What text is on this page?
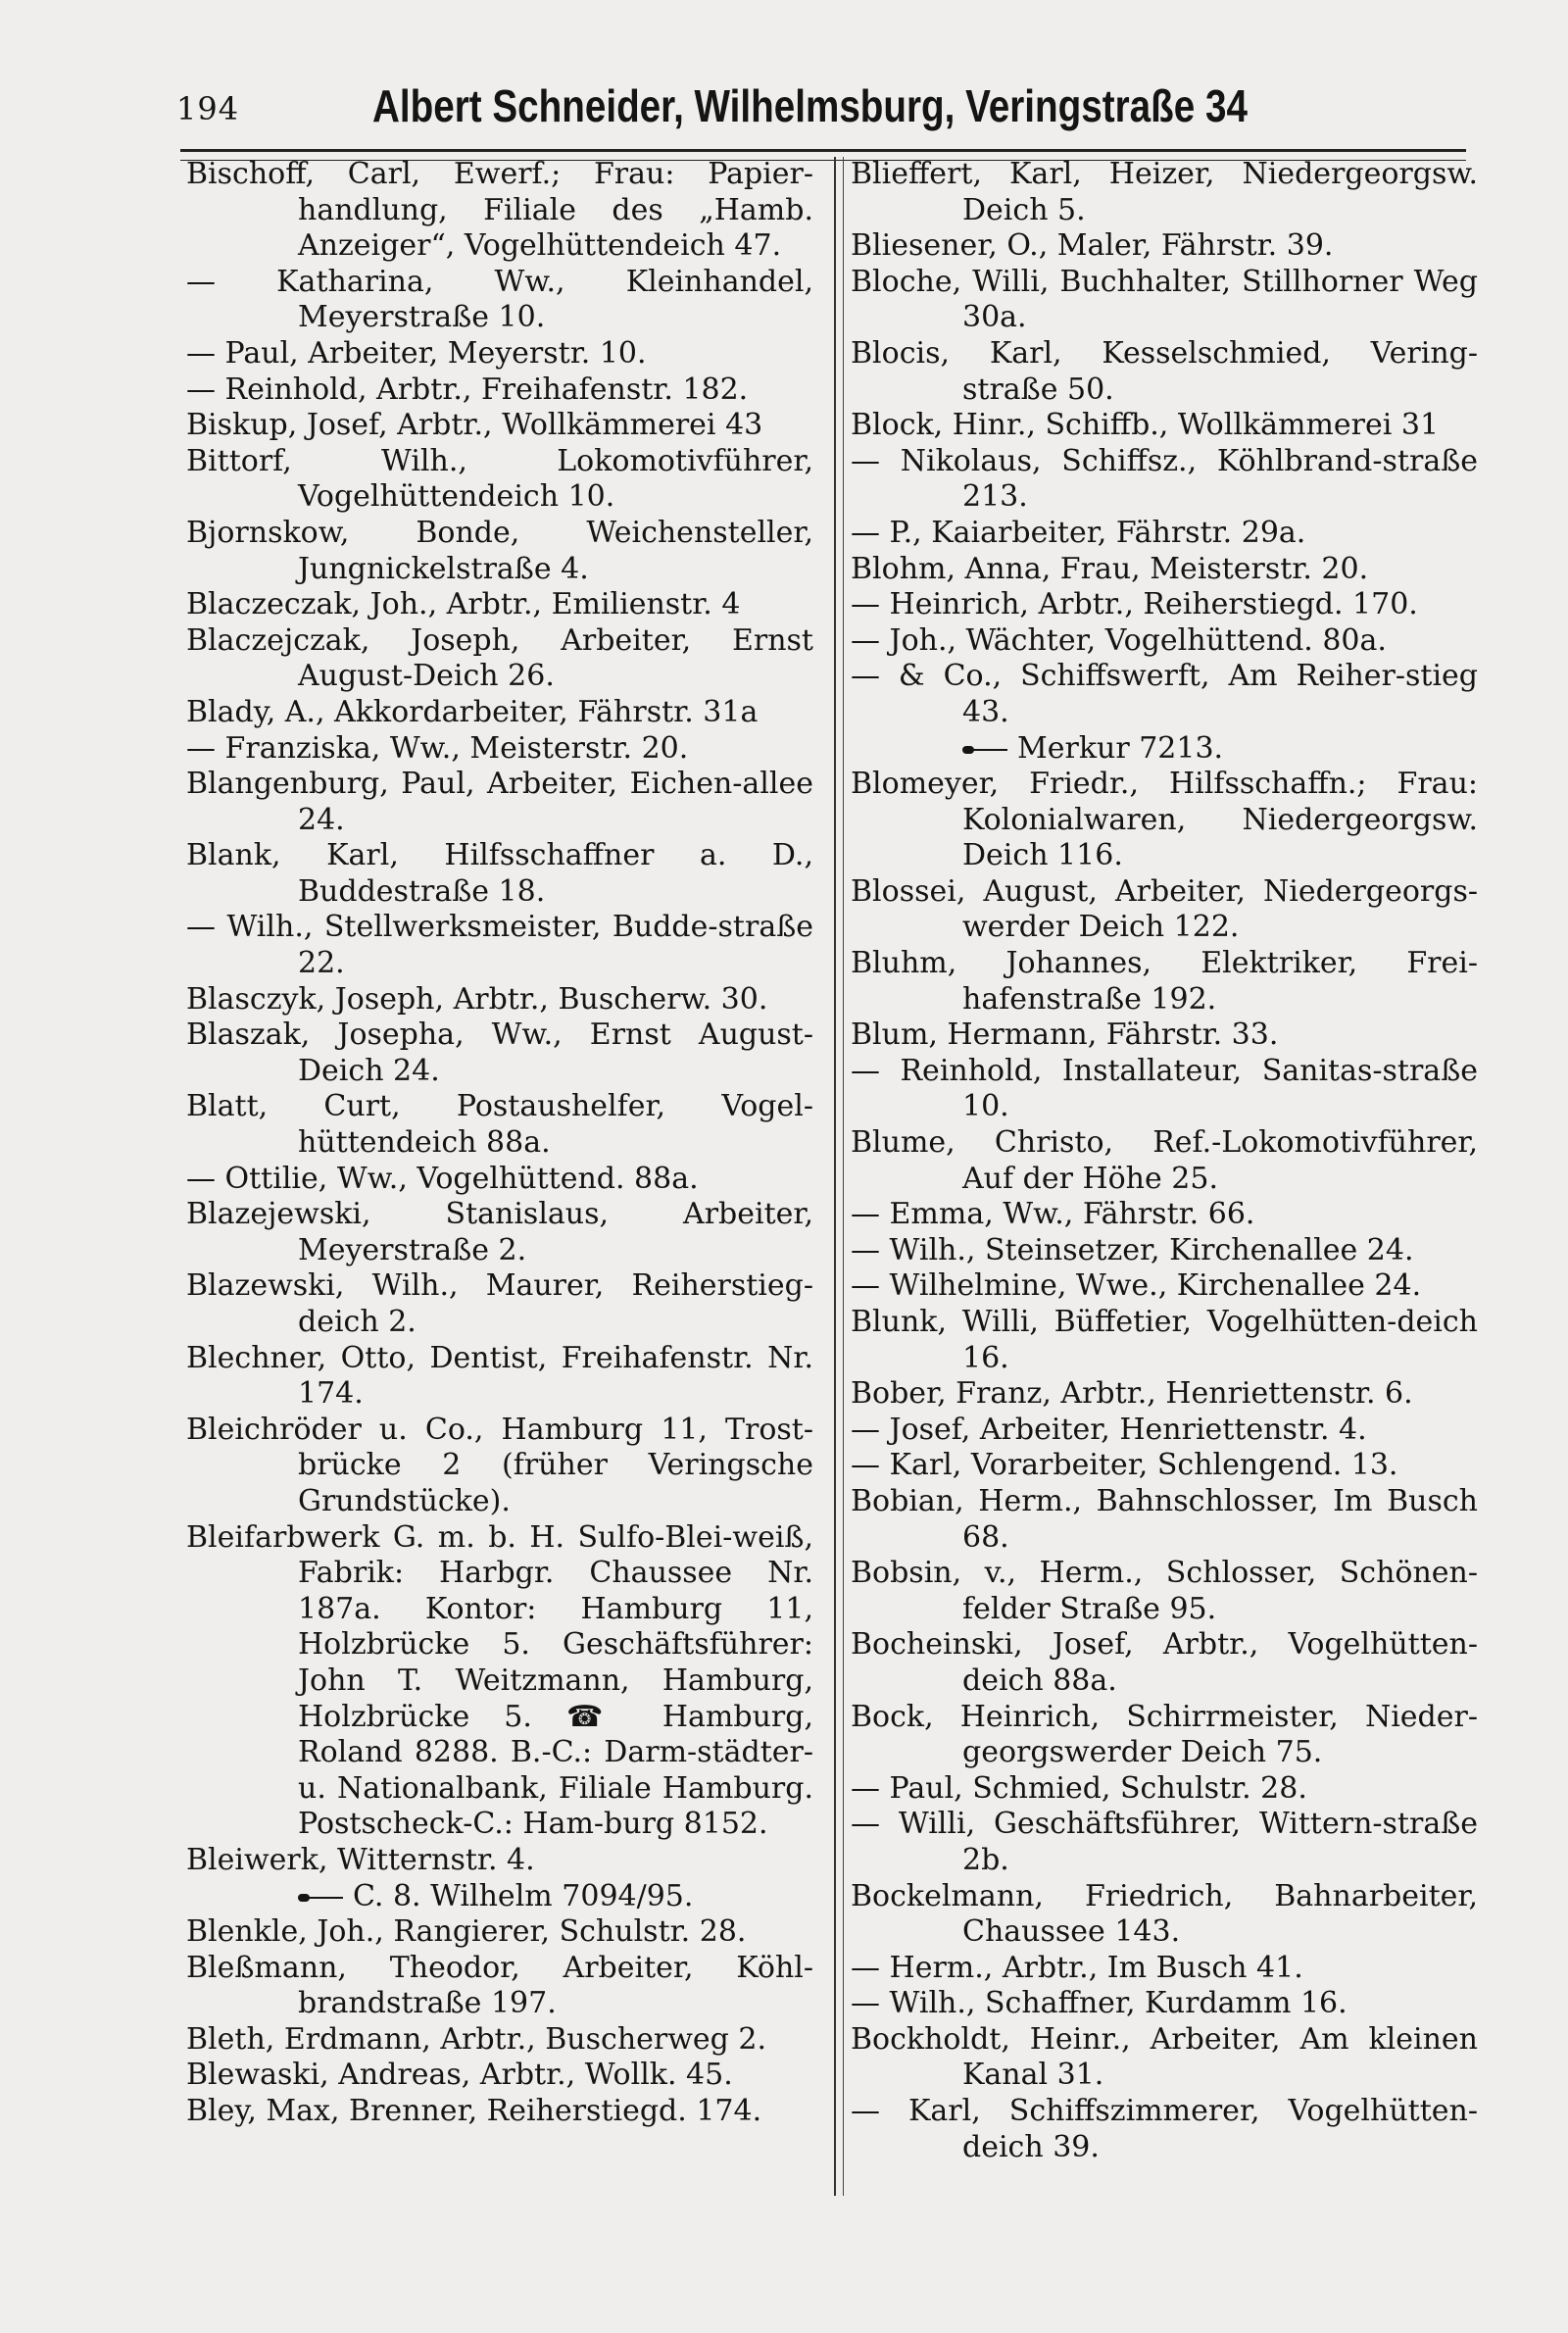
194	Albert Schneider, Wilhelmsburg, Veringstraße 34

Bischoff, Carl, Ewerf.; Frau: Papier-handlung, Filiale des „Hamb. Anzeiger“, Vogelhüttendeich 47.

— Katharina, Ww., Kleinhandel, Meyerstraße 10.

— Paul, Arbeiter, Meyerstr. 10.

— Reinhold, Arbtr., Freihafenstr. 182.

Biskup, Josef, Arbtr., Wollkämmerei 43

Bittorf, Wilh., Lokomotivführer, Vogelhüttendeich 10.

Bjornskow, Bonde, Weichensteller, Jungnickelstraße 4.

Blaczeczak, Joh., Arbtr., Emilienstr. 4

Blaczejczak, Joseph, Arbeiter, Ernst August-Deich 26.

Blady, A., Akkordarbeiter, Fährstr. 31a

— Franziska, Ww., Meisterstr. 20.

Blangenburg, Paul, Arbeiter, Eichen-allee 24.

Blank, Karl, Hilfsschaffner a. D., Buddestraße 18.

— Wilh., Stellwerksmeister, Budde-straße 22.

Blasczyk, Joseph, Arbtr., Buscherw. 30.

Blaszak, Josepha, Ww., Ernst August-Deich 24.

Blatt, Curt, Postaushelfer, Vogel-hüttendeich 88a.

— Ottilie, Ww., Vogelhüttend. 88a.

Blazejewski, Stanislaus, Arbeiter, Meyerstraße 2.

Blazewski, Wilh., Maurer, Reiherstieg-deich 2.

Blechner, Otto, Dentist, Freihafenstr. Nr. 174.

Bleichröder u. Co., Hamburg 11, Trost-brücke 2 (früher Veringsche Grundstücke).

Bleifarbwerk G. m. b. H. Sulfo-Blei-weiß, Fabrik: Harbgr. Chaussee Nr. 187a. Kontor: Hamburg 11, Holzbrücke 5. Geschäftsführer: John T. Weitzmann, Hamburg, Holzbrücke 5. ☎ Hamburg, Roland 8288. B.-C.: Darm-städter- u. Nationalbank, Filiale Hamburg. Postscheck-C.: Ham-burg 8152.

Bleiwerk, Witternstr. 4.

C. 8. Wilhelm 7094/95.

Blenkle, Joh., Rangierer, Schulstr. 28.

Bleßmann, Theodor, Arbeiter, Köhl-brandstraße 197.

Bleth, Erdmann, Arbtr., Buscherweg 2.

Blewaski, Andreas, Arbtr., Wollk. 45.

Bley, Max, Brenner, Reiherstiegd. 174.

Blieffert, Karl, Heizer, Niedergeorgsw. Deich 5.

Bliesener, O., Maler, Fährstr. 39.

Bloche, Willi, Buchhalter, Stillhorner Weg 30a.

Blocis, Karl, Kesselschmied, Vering-straße 50.

Block, Hinr., Schiffb., Wollkämmerei 31

— Nikolaus, Schiffsz., Köhlbrand-straße 213.

— P., Kaiarbeiter, Fährstr. 29a.

Blohm, Anna, Frau, Meisterstr. 20.

— Heinrich, Arbtr., Reiherstiegd. 170.

— Joh., Wächter, Vogelhüttend. 80a.

— & Co., Schiffswerft, Am Reiher-stieg 43.

Merkur 7213.

Blomeyer, Friedr., Hilfsschaffn.; Frau: Kolonialwaren, Niedergeorgsw. Deich 116.

Blossei, August, Arbeiter, Niedergeorgs-werder Deich 122.

Bluhm, Johannes, Elektriker, Frei-hafenstraße 192.

Blum, Hermann, Fährstr. 33.

— Reinhold, Installateur, Sanitas-straße 10.

Blume, Christo, Ref.-Lokomotivführer, Auf der Höhe 25.

— Emma, Ww., Fährstr. 66.

— Wilh., Steinsetzer, Kirchenallee 24.

— Wilhelmine, Wwe., Kirchenallee 24.

Blunk, Willi, Büffetier, Vogelhütten-deich 16.

Bober, Franz, Arbtr., Henriettenstr. 6.

— Josef, Arbeiter, Henriettenstr. 4.

— Karl, Vorarbeiter, Schlengend. 13.

Bobian, Herm., Bahnschlosser, Im Busch 68.

Bobsin, v., Herm., Schlosser, Schönen-felder Straße 95.

Bocheinski, Josef, Arbtr., Vogelhütten-deich 88a.

Bock, Heinrich, Schirrmeister, Nieder-georgswerder Deich 75.

— Paul, Schmied, Schulstr. 28.

— Willi, Geschäftsführer, Wittern-straße 2b.

Bockelmann, Friedrich, Bahnarbeiter, Chaussee 143.

— Herm., Arbtr., Im Busch 41.

— Wilh., Schaffner, Kurdamm 16.

Bockholdt, Heinr., Arbeiter, Am kleinen Kanal 31.

— Karl, Schiffszimmerer, Vogelhütten-deich 39.
